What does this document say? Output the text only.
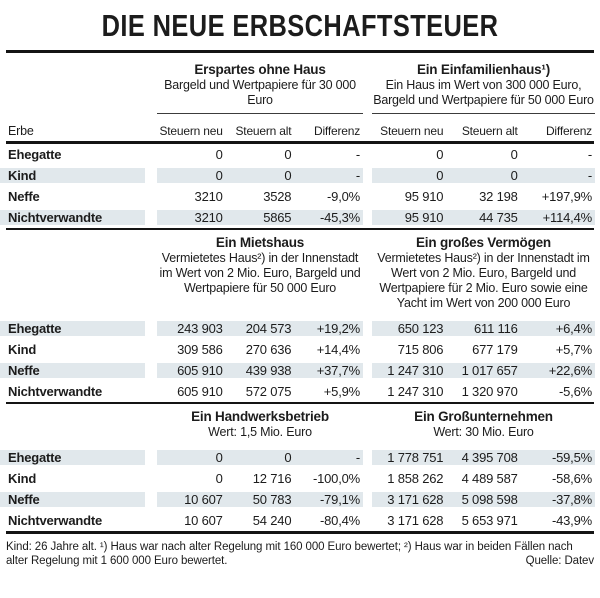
DIE NEUE ERBSCHAFTSTEUER
Erspartes ohne Haus
Bargeld und Wertpapiere für 30 000 Euro
Ein Einfamilienhaus¹)
Ein Haus im Wert von 300 000 Euro, Bargeld und Wertpapiere für 50 000 Euro
Erbe	Steuern neu	Steuern alt	Differenz	Steuern neu	Steuern alt	Differenz
Ehegatte	0	0	-	0	0	-
Kind	0	0	-	0	0	-
Neffe	3210	3528	-9,0%	95 910	32 198	+197,9%
Nichtverwandte	3210	5865	-45,3%	95 910	44 735	+114,4%
Ein Mietshaus
Vermietetes Haus²) in der Innenstadt im Wert von 2 Mio. Euro, Bargeld und Wertpapiere für 50 000 Euro
Ein großes Vermögen
Vermietetes Haus²) in der Innenstadt im Wert von 2 Mio. Euro, Bargeld und Wertpapiere für 2 Mio. Euro sowie eine Yacht im Wert von 200 000 Euro
Ehegatte	243 903	204 573	+19,2%	650 123	611 116	+6,4%
Kind	309 586	270 636	+14,4%	715 806	677 179	+5,7%
Neffe	605 910	439 938	+37,7%	1 247 310	1 017 657	+22,6%
Nichtverwandte	605 910	572 075	+5,9%	1 247 310	1 320 970	-5,6%
Ein Handwerksbetrieb
Wert: 1,5 Mio. Euro
Ein Großunternehmen
Wert: 30 Mio. Euro
Ehegatte	0	0	-	1 778 751	4 395 708	-59,5%
Kind	0	12 716	-100,0%	1 858 262	4 489 587	-58,6%
Neffe	10 607	50 783	-79,1%	3 171 628	5 098 598	-37,8%
Nichtverwandte	10 607	54 240	-80,4%	3 171 628	5 653 971	-43,9%
Kind: 26 Jahre alt. ¹) Haus war nach alter Regelung mit 160 000 Euro bewertet; ²) Haus war in beiden Fällen nach alter Regelung mit 1 600 000 Euro bewertet.	Quelle: Datev
